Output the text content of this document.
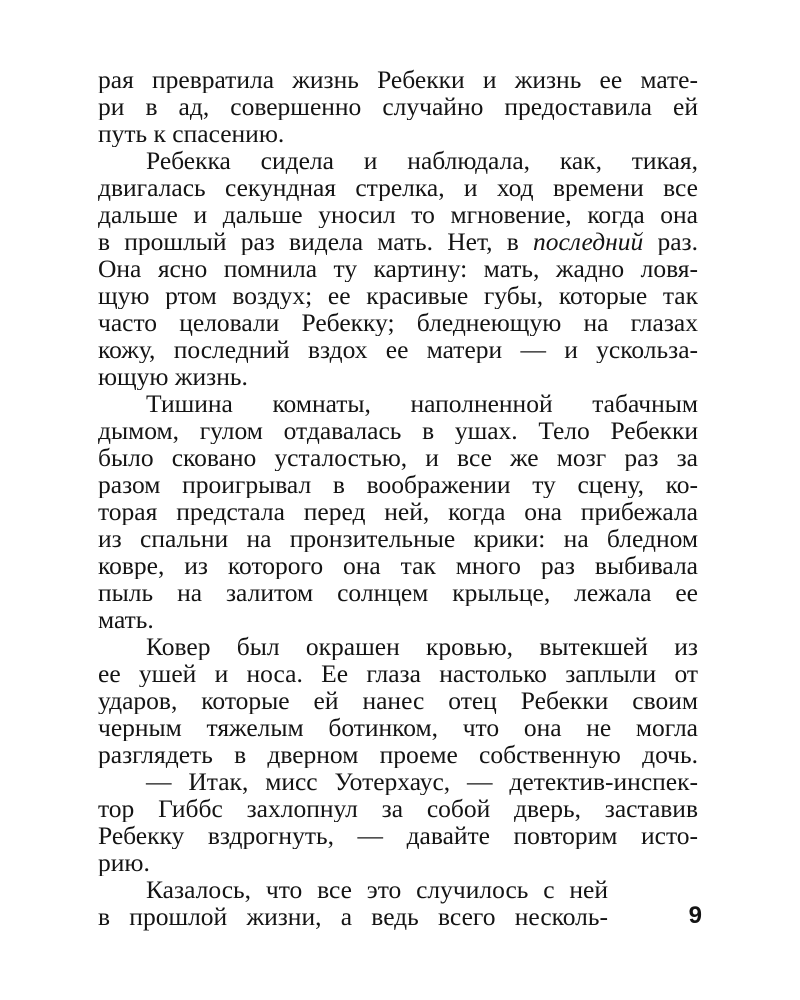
рая превратила жизнь Ребекки и жизнь ее мате-
ри в ад, совершенно случайно предоставила ей
путь к спасению.
Ребекка сидела и наблюдала, как, тикая,
двигалась секундная стрелка, и ход времени все
дальше и дальше уносил то мгновение, когда она
в прошлый раз видела мать. Нет, в последний раз.
Она ясно помнила ту картину: мать, жадно ловя-
щую ртом воздух; ее красивые губы, которые так
часто целовали Ребекку; бледнеющую на глазах
кожу, последний вздох ее матери — и ускольза-
ющую жизнь.
Тишина комнаты, наполненной табачным
дымом, гулом отдавалась в ушах. Тело Ребекки
было сковано усталостью, и все же мозг раз за
разом проигрывал в воображении ту сцену, ко-
торая предстала перед ней, когда она прибежала
из спальни на пронзительные крики: на бледном
ковре, из которого она так много раз выбивала
пыль на залитом солнцем крыльце, лежала ее
мать.
Ковер был окрашен кровью, вытекшей из
ее ушей и носа. Ее глаза настолько заплыли от
ударов, которые ей нанес отец Ребекки своим
черным тяжелым ботинком, что она не могла
разглядеть в дверном проеме собственную дочь.
— Итак, мисс Уотерхаус, — детектив-инспек-
тор Гиббс захлопнул за собой дверь, заставив
Ребекку вздрогнуть, — давайте повторим исто-
рию.
Казалось, что все это случилось с ней
в прошлой жизни, а ведь всего несколь-	9
